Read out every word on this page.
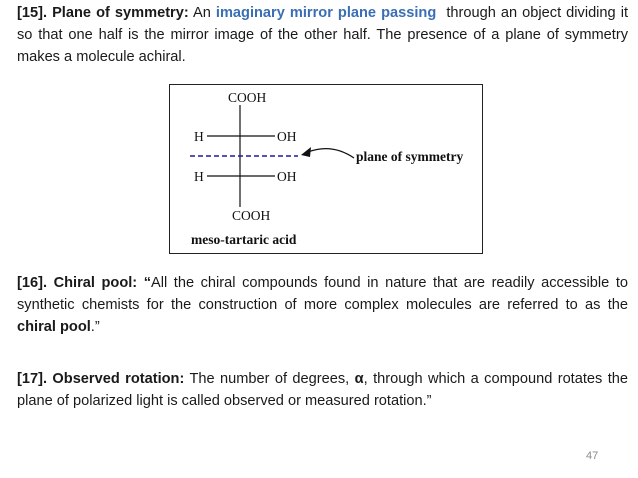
[15]. Plane of symmetry: An imaginary mirror plane passing through an object dividing it so that one half is the mirror image of the other half. The presence of a plane of symmetry makes a molecule achiral.

COOH
H	OH
H	OH
COOH
plane of symmetry
meso-tartaric acid

[16]. Chiral pool: “All the chiral compounds found in nature that are readily accessible to synthetic chemists for the construction of more complex molecules are referred to as the chiral pool.”

[17]. Observed rotation: The number of degrees, α, through which a compound rotates the plane of polarized light is called observed or measured rotation.”

47
